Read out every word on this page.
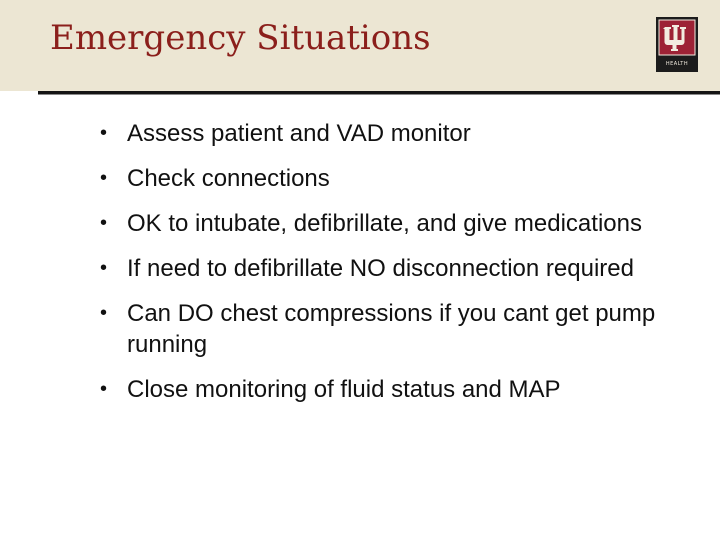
Emergency Situations
HEALTH
• Assess patient and VAD monitor
• Check connections
• OK to intubate, defibrillate, and give medications
• If need to defibrillate NO disconnection required
• Can DO chest compressions if you cant get pump running
• Close monitoring of fluid status and MAP
